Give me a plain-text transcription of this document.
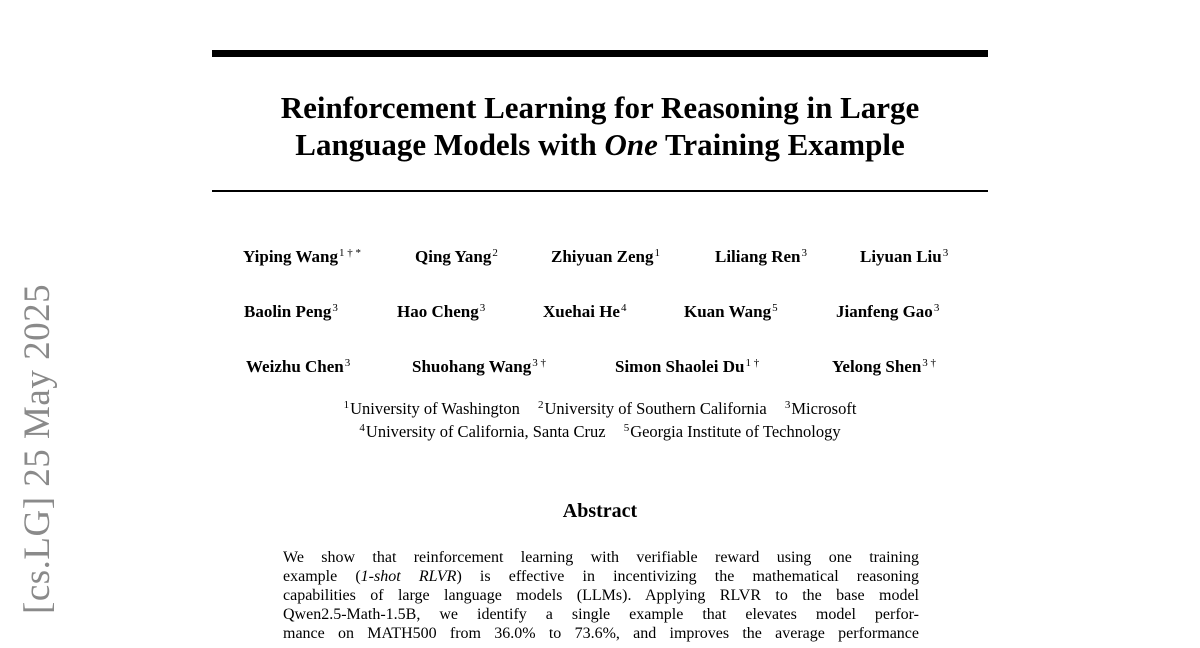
[cs.LG] 25 May 2025
Reinforcement Learning for Reasoning in Large
Language Models with One Training Example
Yiping Wang$^{1 \dagger *}$	Qing Yang$^2$	Zhiyuan Zeng$^1$	Liliang Ren$^3$	Liyuan Liu$^3$
Baolin Peng$^3$	Hao Cheng$^3$	Xuehai He$^4$	Kuan Wang$^5$	Jianfeng Gao$^3$
Weizhu Chen$^3$	Shuohang Wang$^{3 \dagger}$	Simon Shaolei $Du^{1 \dagger}$	Yelong Shen$^{3 \dagger}$
$^1$University of Washington $^2$University of Southern California $^3$Microsoft
$^4$University of California, Santa Cruz $^5$Georgia Institute of Technology
Abstract
We show that reinforcement learning with verifiable reward using one training
example (1-shot RLVR) is effective in incentivizing the mathematical reasoning
capabilities of large language models (LLMs). Applying RLVR to the base model
Qwen2.5-Math-1.5B, we identify a single example that elevates model perfor-
mance on MATH500 from 36.0% to 73.6%, and improves the average performance
